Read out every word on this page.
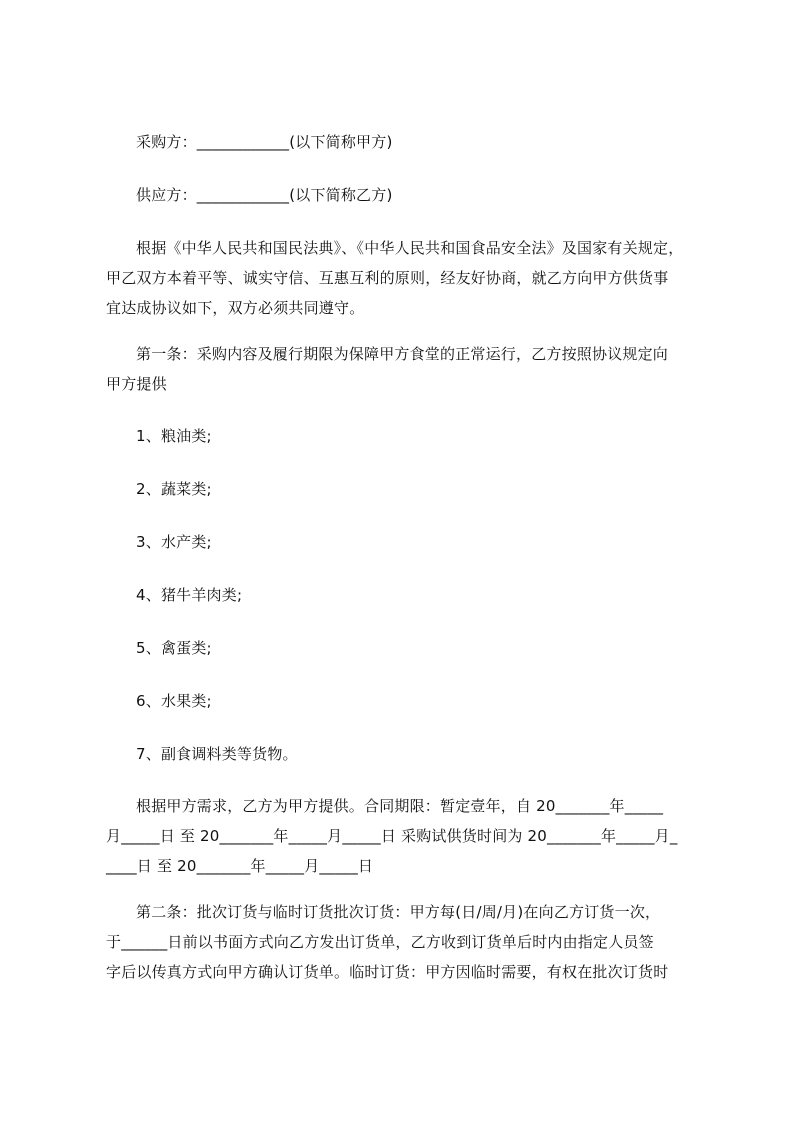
采购方：____________(以下简称甲方)
供应方：____________(以下简称乙方)
根据《中华人民共和国民法典》、《中华人民共和国食品安全法》及国家有关规定，
甲乙双方本着平等、诚实守信、互惠互利的原则，经友好协商，就乙方向甲方供货事
宜达成协议如下，双方必须共同遵守。
第一条：采购内容及履行期限为保障甲方食堂的正常运行，乙方按照协议规定向
甲方提供
1、粮油类;
2、蔬菜类;
3、水产类;
4、猪牛羊肉类;
5、禽蛋类;
6、水果类;
7、副食调料类等货物。
根据甲方需求，乙方为甲方提供。合同期限：暂定壹年，自 20_______年_____
月_____日 至 20_______年_____月_____日 采购试供货时间为 20_______年_____月_
____日 至 20_______年_____月_____日
第二条：批次订货与临时订货批次订货：甲方每(日/周/月)在向乙方订货一次，
于______日前以书面方式向乙方发出订货单，乙方收到订货单后时内由指定人员签
字后以传真方式向甲方确认订货单。临时订货：甲方因临时需要，有权在批次订货时
